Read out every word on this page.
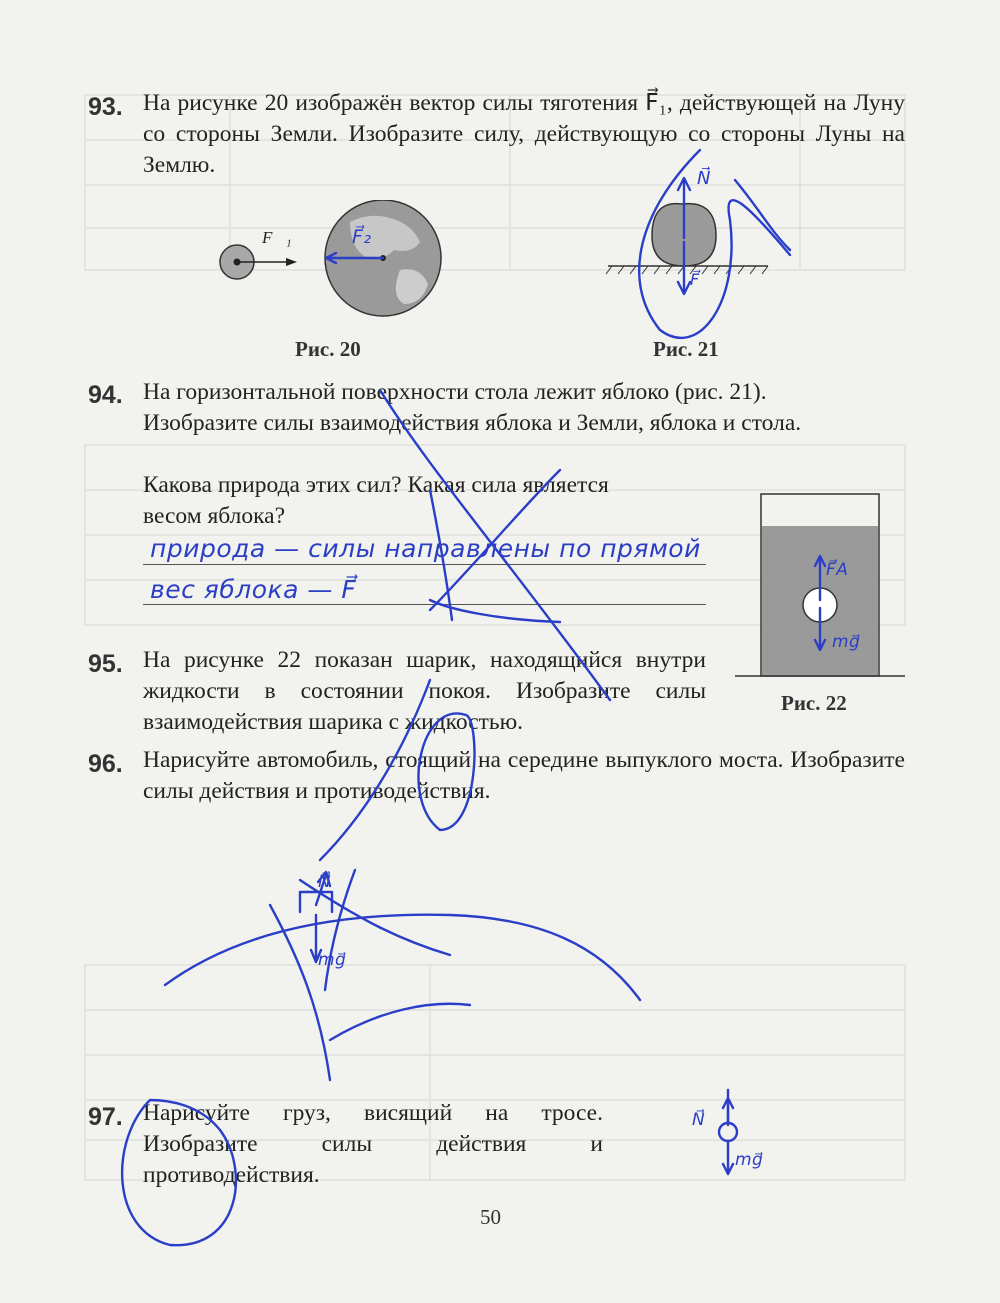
93. На рисунке 20 изображён вектор силы тяготения F⃗₁, действующей на Луну со стороны Земли. Изобразите силу, действующую со стороны Луны на Землю.
F⃗₁	F⃗₂
Рис. 20	Рис. 21
94. На горизонтальной поверхности стола лежит яблоко (рис. 21).
Изобразите силы взаимодействия яблока и Земли, яблока и стола.
Какова природа этих сил? Какая сила является
весом яблока?
природа — силы направлены по прямой
вес яблока — F⃗
F⃗A
mg⃗
Рис. 22
95. На рисунке 22 показан шарик, находящийся внутри жидкости в состоянии покоя. Изобразите силы взаимодействия шарика с жидкостью.
96. Нарисуйте автомобиль, стоящий на середине выпуклого моста. Изобразите силы действия и противодействия.
97. Нарисуйте груз, висящий на тросе. Изобразите силы действия и противодействия.
N⃗
F⃗
N⃗
mg⃗
N⃗
mg⃗
50
